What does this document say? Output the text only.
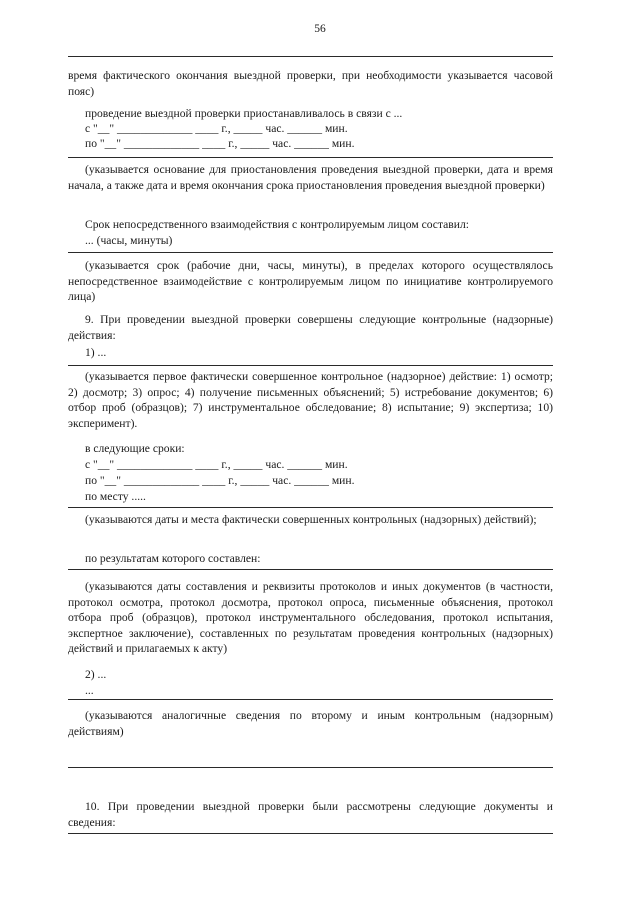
56
время фактического окончания выездной проверки, при необходимости указывается часовой пояс)
проведение выездной проверки приостанавливалось в связи с ...
с "__" _____________ ____ г., _____ час. ______ мин.
по "__" _____________ ____ г., _____ час. ______ мин.
(указывается основание для приостановления проведения выездной проверки, дата и время начала, а также дата и время окончания срока приостановления проведения выездной проверки)
Срок непосредственного взаимодействия с контролируемым лицом составил:
... (часы, минуты)
(указывается срок (рабочие дни, часы, минуты), в пределах которого осуществлялось непосредственное взаимодействие с контролируемым лицом по инициативе контролируемого лица)
9. При проведении выездной проверки совершены следующие контрольные (надзорные) действия:
1) ...
(указывается первое фактически совершенное контрольное (надзорное) действие: 1) осмотр; 2) досмотр; 3) опрос; 4) получение письменных объяснений; 5) истребование документов; 6) отбор проб (образцов); 7) инструментальное обследование; 8) испытание; 9) экспертиза; 10) эксперимент).
в следующие сроки:
с "__" _____________ ____ г., _____ час. ______ мин.
по "__" _____________ ____ г., _____ час. ______ мин.
по месту .....
(указываются даты и места фактически совершенных контрольных (надзорных) действий);
по результатам которого составлен:
(указываются даты составления и реквизиты протоколов и иных документов (в частности, протокол осмотра, протокол досмотра, протокол опроса, письменные объяснения, протокол отбора проб (образцов), протокол инструментального обследования, протокол испытания, экспертное заключение), составленных по результатам проведения контрольных (надзорных) действий и прилагаемых к акту)
2) ...
...
(указываются аналогичные сведения по второму и иным контрольным (надзорным) действиям)
10. При проведении выездной проверки были рассмотрены следующие документы и сведения:
